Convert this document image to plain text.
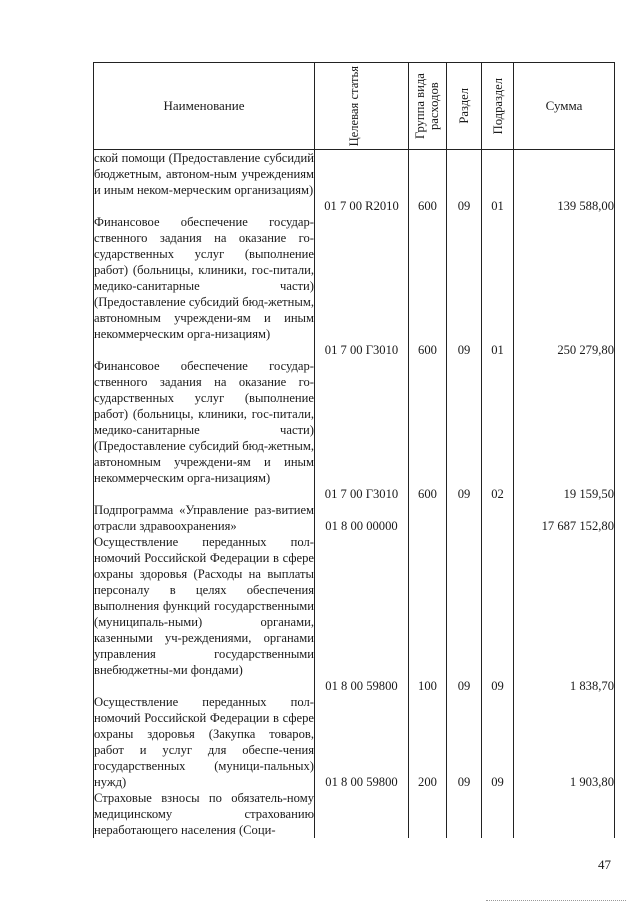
Наименование	Целевая статья	Группа вида расходов	Раздел	Подраздел	Сумма
ской помощи (Предоставление субсидий бюджетным, автоном-ным учреждениям и иным неком-мерческим организациям)	01 7 00 R2010	600	09	01	139 588,00
Финансовое обеспечение государ-ственного задания на оказание го-сударственных услуг (выполнение работ) (больницы, клиники, гос-питали, медико-санитарные части) (Предоставление субсидий бюд-жетным, автономным учреждени-ям и иным некоммерческим орга-низациям)	01 7 00 Г3010	600	09	01	250 279,80
Финансовое обеспечение государ-ственного задания на оказание го-сударственных услуг (выполнение работ) (больницы, клиники, гос-питали, медико-санитарные части) (Предоставление субсидий бюд-жетным, автономным учреждени-ям и иным некоммерческим орга-низациям)	01 7 00 Г3010	600	09	02	19 159,50
Подпрограмма «Управление раз-витием отрасли здравоохранения»	01 8 00 00000				17 687 152,80
Осуществление переданных пол-номочий Российской Федерации в сфере охраны здоровья (Расходы на выплаты персоналу в целях обеспечения выполнения функций государственными (муниципаль-ными) органами, казенными уч-реждениями, органами управления государственными внебюджетны-ми фондами)	01 8 00 59800	100	09	09	1 838,70
Осуществление переданных пол-номочий Российской Федерации в сфере охраны здоровья (Закупка товаров, работ и услуг для обеспе-чения государственных (муници-пальных) нужд)	01 8 00 59800	200	09	09	1 903,80
Страховые взносы по обязатель-ному медицинскому страхованию неработающего населения (Соци-					
47
